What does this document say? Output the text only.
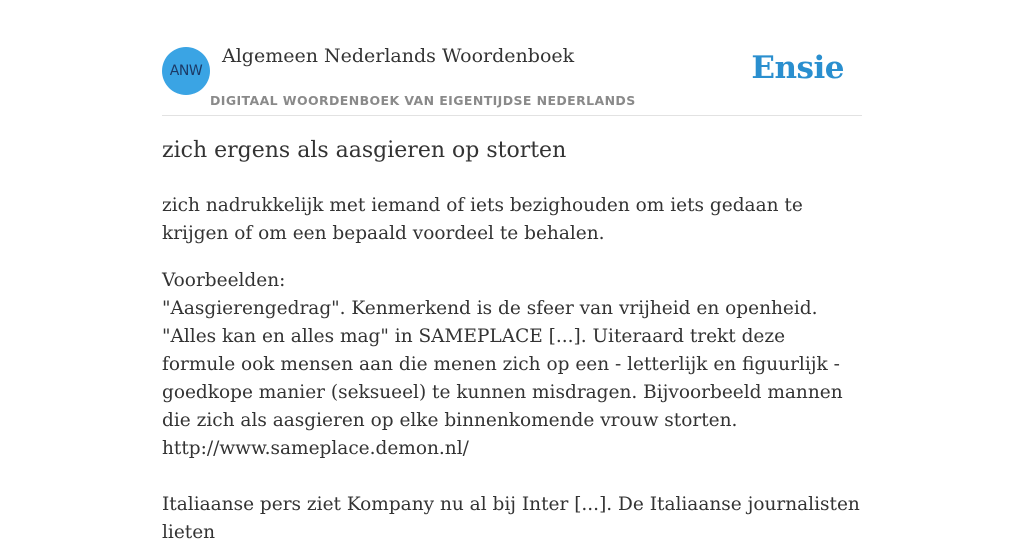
ANW
Algemeen Nederlands Woordenboek
DIGITAAL WOORDENBOEK VAN EIGENTIJDSE NEDERLANDS
Ensie
zich ergens als aasgieren op storten

zich nadrukkelijk met iemand of iets bezighouden om iets gedaan te krijgen of om een bepaald voordeel te behalen.

Voorbeelden:
"Aasgierengedrag". Kenmerkend is de sfeer van vrijheid en openheid. "Alles kan en alles mag" in SAMEPLACE [...]. Uiteraard trekt deze formule ook mensen aan die menen zich op een - letterlijk en figuurlijk - goedkope manier (seksueel) te kunnen misdragen. Bijvoorbeeld mannen die zich als aasgieren op elke binnenkomende vrouw storten.
http://www.sameplace.demon.nl/
Italiaanse pers ziet Kompany nu al bij Inter [...]. De Italiaanse journalisten lieten
